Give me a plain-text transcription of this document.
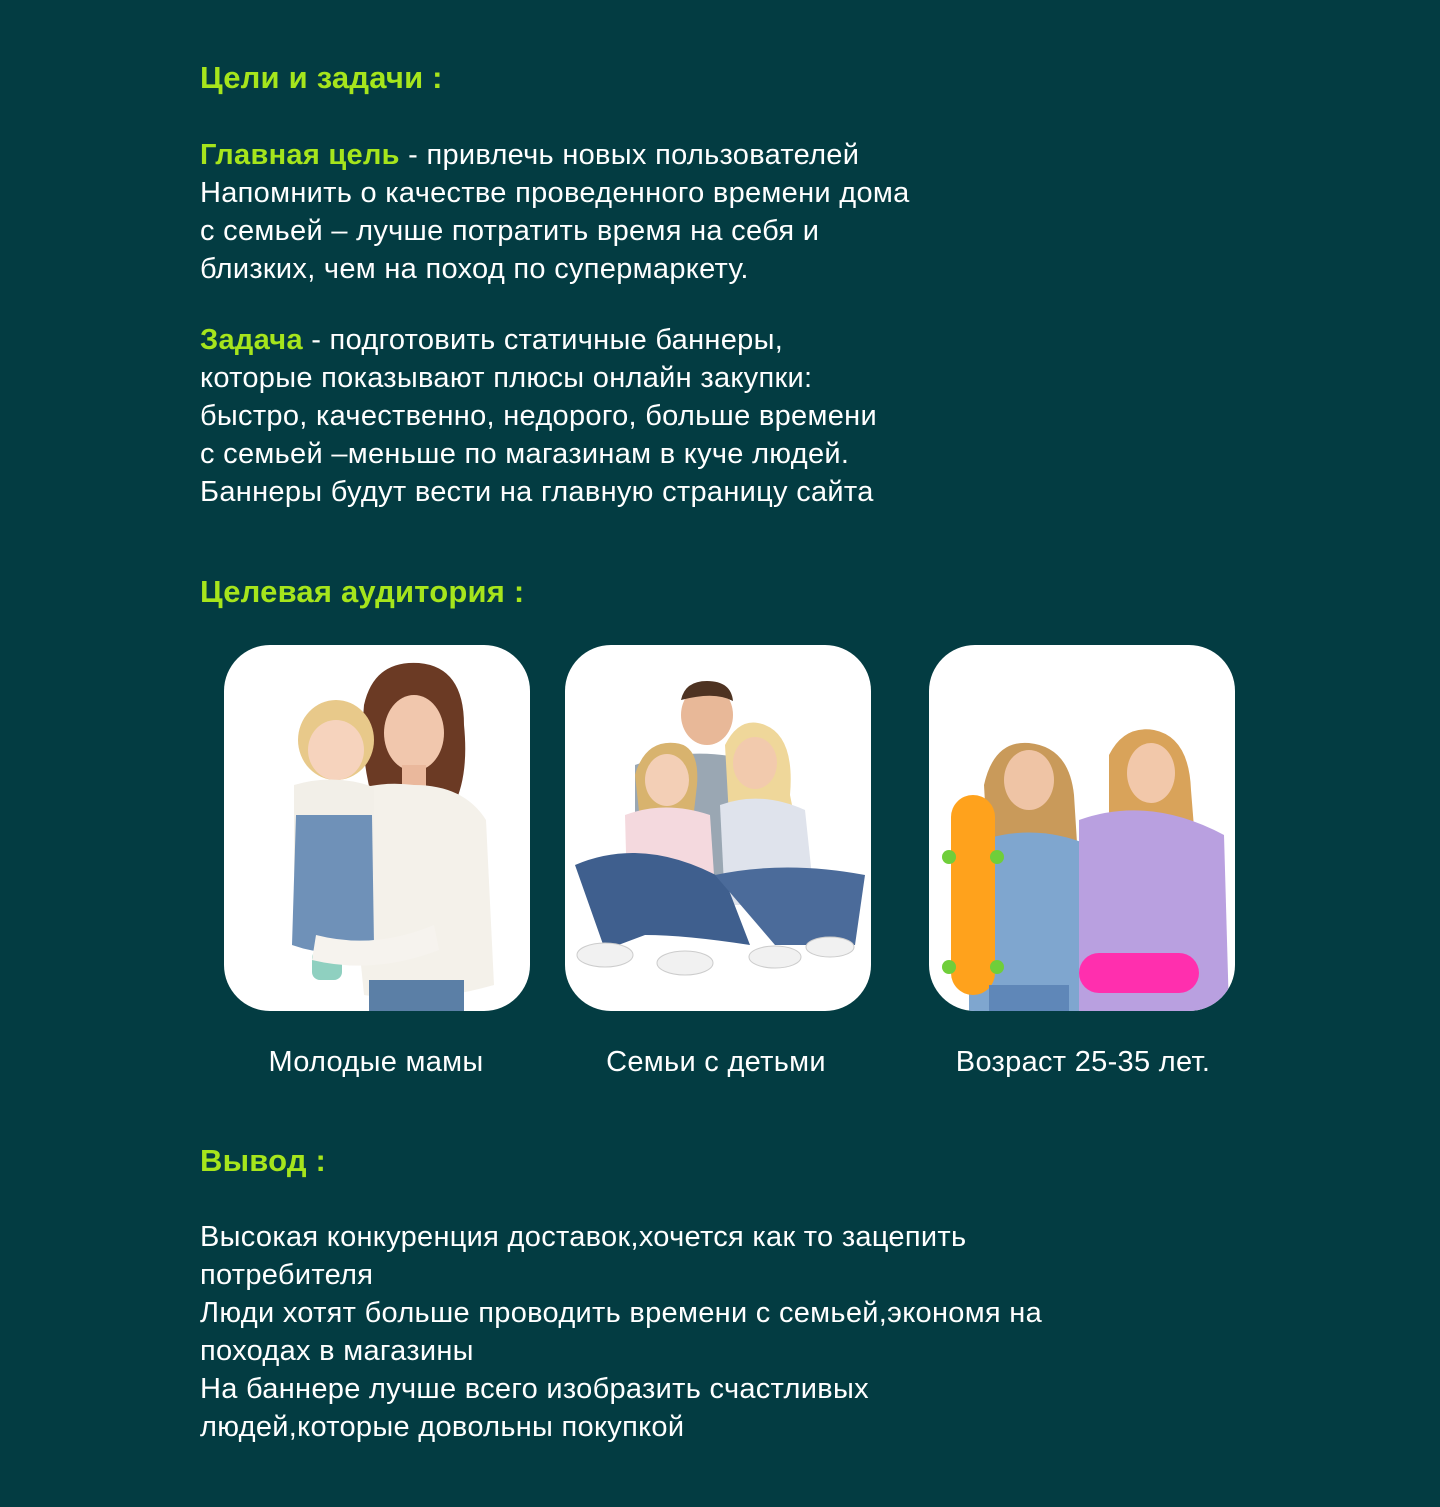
Цели и задачи :

Главная цель - привлечь новых пользователей
Напомнить о качестве проведенного времени дома
с семьей – лучше потратить время на себя и
близких, чем на поход по супермаркету.

Задача - подготовить статичные баннеры,
которые показывают плюсы онлайн закупки:
быстро, качественно, недорого, больше времени
с семьей –меньше по магазинам в куче людей.
Баннеры будут вести на главную страницу сайта

Целевая аудитория :

Молодые мамы	Семьи с детьми	Возраст 25-35 лет.

Вывод :

Высокая конкуренция доставок,хочется как то зацепить
потребителя
Люди хотят больше проводить времени с семьей,экономя на
походах в магазины
На баннере лучше всего изобразить счастливых
людей,которые довольны покупкой
